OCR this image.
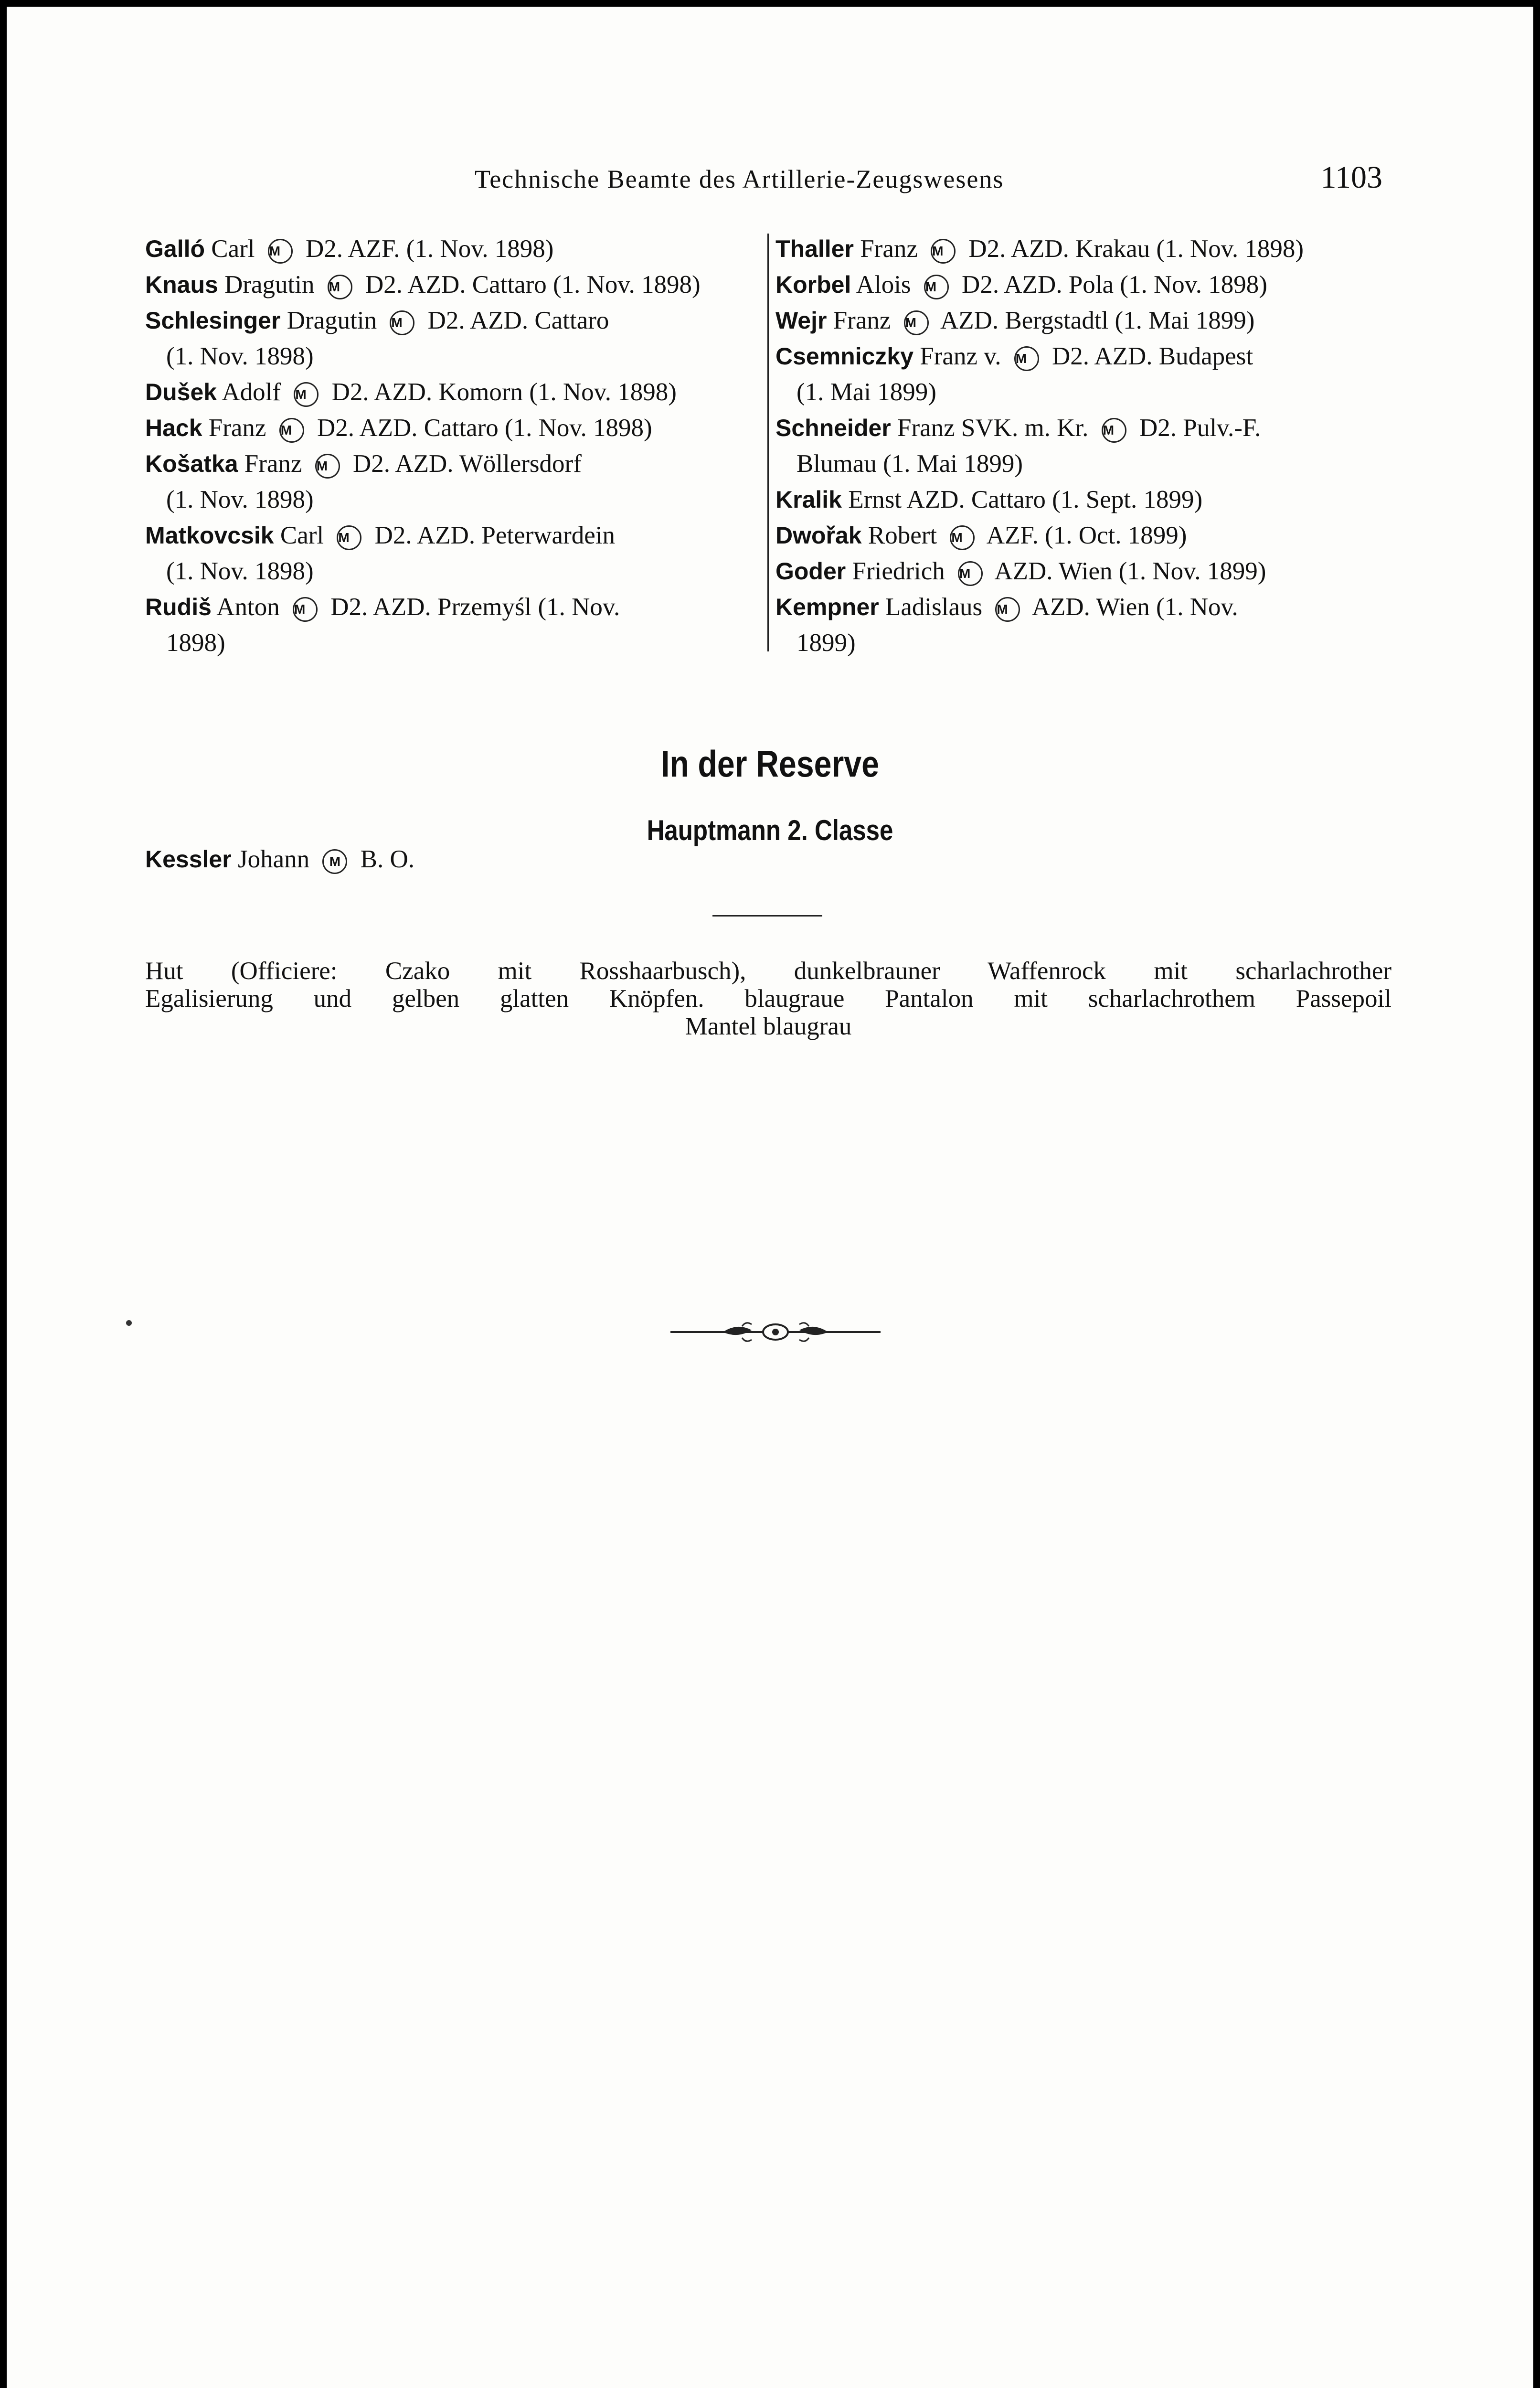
Technische Beamte des Artillerie-Zeugswesens	1103
Galló Carl M D2. AZF. (1. Nov. 1898)
Knaus Dragutin M D2. AZD. Cattaro (1. Nov. 1898)
Schlesinger Dragutin M D2. AZD. Cattaro
(1. Nov. 1898)
Dušek Adolf M D2. AZD. Komorn (1. Nov. 1898)
Hack Franz M D2. AZD. Cattaro (1. Nov. 1898)
Košatka Franz M D2. AZD. Wöllersdorf
(1. Nov. 1898)
Matkovcsik Carl M D2. AZD. Peterwardein
(1. Nov. 1898)
Rudiš Anton M D2. AZD. Przemyśl (1. Nov.
1898)
Thaller Franz M D2. AZD. Krakau (1. Nov. 1898)
Korbel Alois M D2. AZD. Pola (1. Nov. 1898)
Wejr Franz M AZD. Bergstadtl (1. Mai 1899)
Csemniczky Franz v. M D2. AZD. Budapest
(1. Mai 1899)
Schneider Franz SVK. m. Kr. M D2. Pulv.-F.
Blumau (1. Mai 1899)
Kralik Ernst AZD. Cattaro (1. Sept. 1899)
Dwořak Robert M AZF. (1. Oct. 1899)
Goder Friedrich M AZD. Wien (1. Nov. 1899)
Kempner Ladislaus M AZD. Wien (1. Nov.
1899)
In der Reserve
Hauptmann 2. Classe
Kessler Johann M B. O.
Hut (Officiere: Czako mit Rosshaarbusch), dunkelbrauner Waffenrock mit scharlachrother
Egalisierung und gelben glatten Knöpfen. blaugraue Pantalon mit scharlachrothem Passepoil
Mantel blaugrau
